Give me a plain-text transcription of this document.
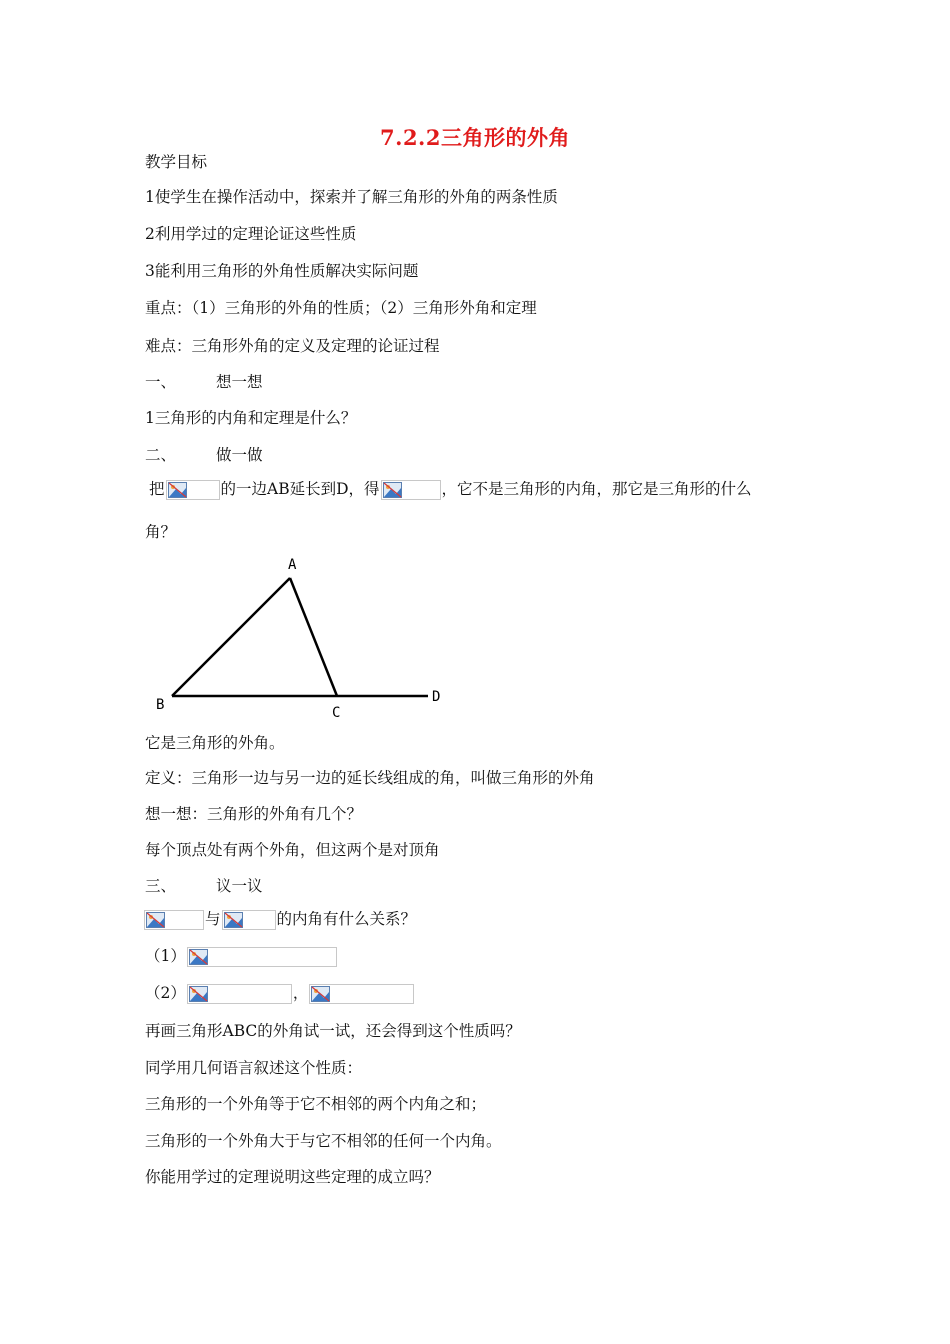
7.2.2三角形的外角
教学目标
1使学生在操作活动中，探索并了解三角形的外角的两条性质
2利用学过的定理论证这些性质
3能利用三角形的外角性质解决实际问题
重点：（1）三角形的外角的性质；（2）三角形外角和定理
难点：三角形外角的定义及定理的论证过程
一、	想一想
1三角形的内角和定理是什么？
二、	做一做
把	的一边AB延长到D，得	，它不是三角形的内角，那它是三角形的什么
角？
A
B	C
D
它是三角形的外角。
定义：三角形一边与另一边的延长线组成的角，叫做三角形的外角
想一想：三角形的外角有几个？
每个顶点处有两个外角，但这两个是对顶角
三、	议一议
与	的内角有什么关系？
（1）
（2）	，
再画三角形ABC的外角试一试，还会得到这个性质吗？
同学用几何语言叙述这个性质：
三角形的一个外角等于它不相邻的两个内角之和；
三角形的一个外角大于与它不相邻的任何一个内角。
你能用学过的定理说明这些定理的成立吗？
